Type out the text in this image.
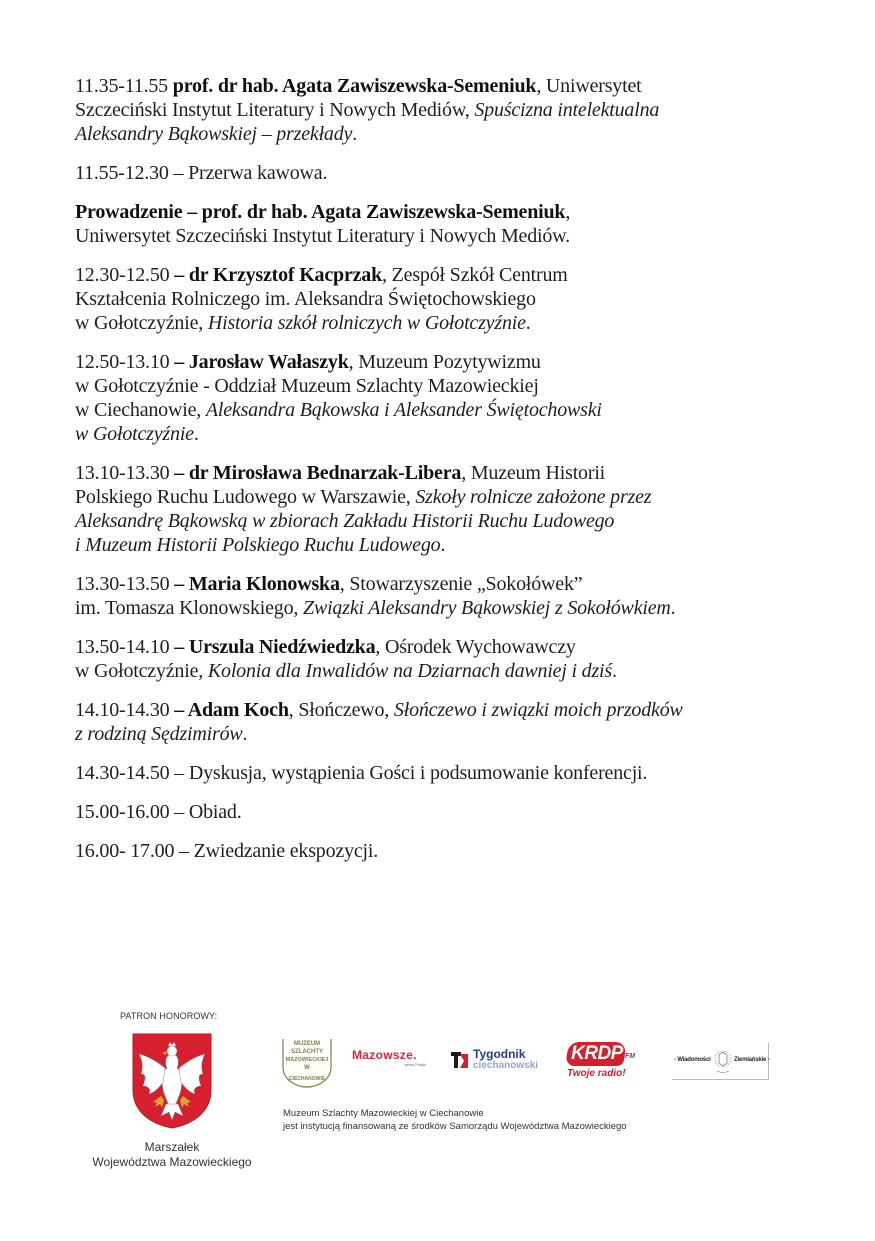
11.35-11.55 prof. dr hab. Agata Zawiszewska-Semeniuk, Uniwersytet
Szczeciński Instytut Literatury i Nowych Mediów, Spuścizna intelektualna
Aleksandry Bąkowskiej – przekłady.
11.55-12.30 – Przerwa kawowa.
Prowadzenie – prof. dr hab. Agata Zawiszewska-Semeniuk,
Uniwersytet Szczeciński Instytut Literatury i Nowych Mediów.
12.30-12.50 – dr Krzysztof Kacprzak, Zespół Szkół Centrum
Kształcenia Rolniczego im. Aleksandra Świętochowskiego
w Gołotczyźnie, Historia szkół rolniczych w Gołotczyźnie.
12.50-13.10 – Jarosław Wałaszyk, Muzeum Pozytywizmu
w Gołotczyźnie - Oddział Muzeum Szlachty Mazowieckiej
w Ciechanowie, Aleksandra Bąkowska i Aleksander Świętochowski
w Gołotczyźnie.
13.10-13.30 – dr Mirosława Bednarzak-Libera, Muzeum Historii
Polskiego Ruchu Ludowego w Warszawie, Szkoły rolnicze założone przez
Aleksandrę Bąkowską w zbiorach Zakładu Historii Ruchu Ludowego
i Muzeum Historii Polskiego Ruchu Ludowego.
13.30-13.50 – Maria Klonowska, Stowarzyszenie „Sokołówek”
im. Tomasza Klonowskiego, Związki Aleksandry Bąkowskiej z Sokołówkiem.
13.50-14.10 – Urszula Niedźwiedzka, Ośrodek Wychowawczy
w Gołotczyźnie, Kolonia dla Inwalidów na Dziarnach dawniej i dziś.
14.10-14.30 – Adam Koch, Słończewo, Słończewo i związki moich przodków
z rodziną Sędzimirów.
14.30-14.50 – Dyskusja, wystąpienia Gości i podsumowanie konferencji.
15.00-16.00 – Obiad.
16.00- 17.00 – Zwiedzanie ekspozycji.
PATRON HONOROWY:
Marszałek
Województwa Mazowieckiego
MUZEUM
SZLACHTY
MAZOWIECKIEJ
W
CIECHANOWIE
Mazowsze.
serce Polski
Tygodnik
ciechanowski
KRDP .FM
Twoje radio!
- Wiadomości	Ziemiańskie -
Muzeum Szlachty Mazowieckiej w Ciechanowie
jest instytucją finansowaną ze środków Samorządu Województwa Mazowieckiego
